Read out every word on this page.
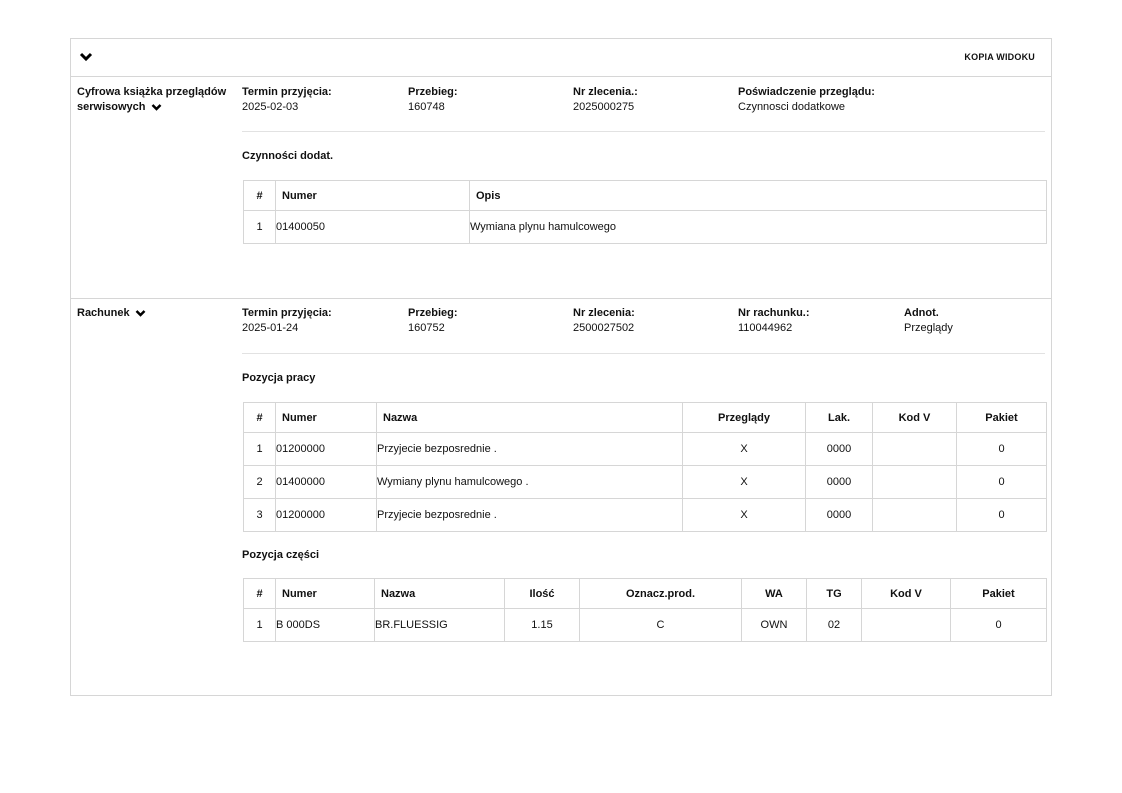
KOPIA WIDOKU
Cyfrowa książka przeglądów serwisowych
Termin przyjęcia:
2025-02-03
Przebieg:
160748
Nr zlecenia.:
2025000275
Poświadczenie przeglądu:
Czynnosci dodatkowe
Czynności dodat.
#	Numer	Opis
1	01400050	Wymiana plynu hamulcowego
Rachunek	Termin przyjęcia:
2025-01-24
Przebieg:
160752
Nr zlecenia:
2500027502
Nr rachunku.:
110044962
Adnot.
Przeglądy
Pozycja pracy
#	Numer	Nazwa	Przeglądy	Lak.	Kod V	Pakiet
1	01200000	Przyjecie bezposrednie .	X	0000		0
2	01400000	Wymiany plynu hamulcowego .	X	0000		0
3	01200000	Przyjecie bezposrednie .	X	0000		0
Pozycja części
#	Numer	Nazwa	Ilość	Oznacz.prod.	WA	TG	Kod V	Pakiet
1	B 000DS	BR.FLUESSIG	1.15	C	OWN	02		0
